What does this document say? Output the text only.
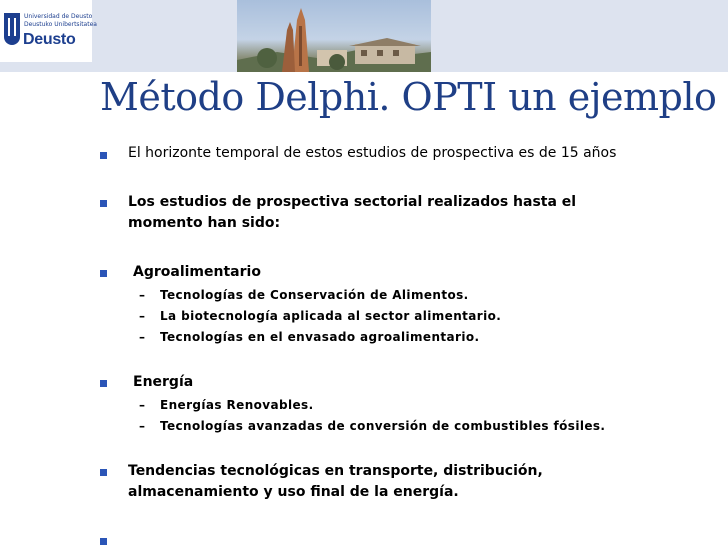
Universidad de Deusto
Deustuko Unibertsitatea
Deusto
Método Delphi. OPTI un ejemplo

El horizonte temporal de estos estudios de prospectiva es de 15 años

Los estudios de prospectiva sectorial realizados hasta el momento han sido:

Agroalimentario

– Tecnologías de Conservación de Alimentos.

– La biotecnología aplicada al sector alimentario.

– Tecnologías en el envasado agroalimentario.

Energía

– Energías Renovables.

– Tecnologías avanzadas de conversión de combustibles fósiles.

Tendencias tecnológicas en transporte, distribución, almacenamiento y uso final de la energía.
